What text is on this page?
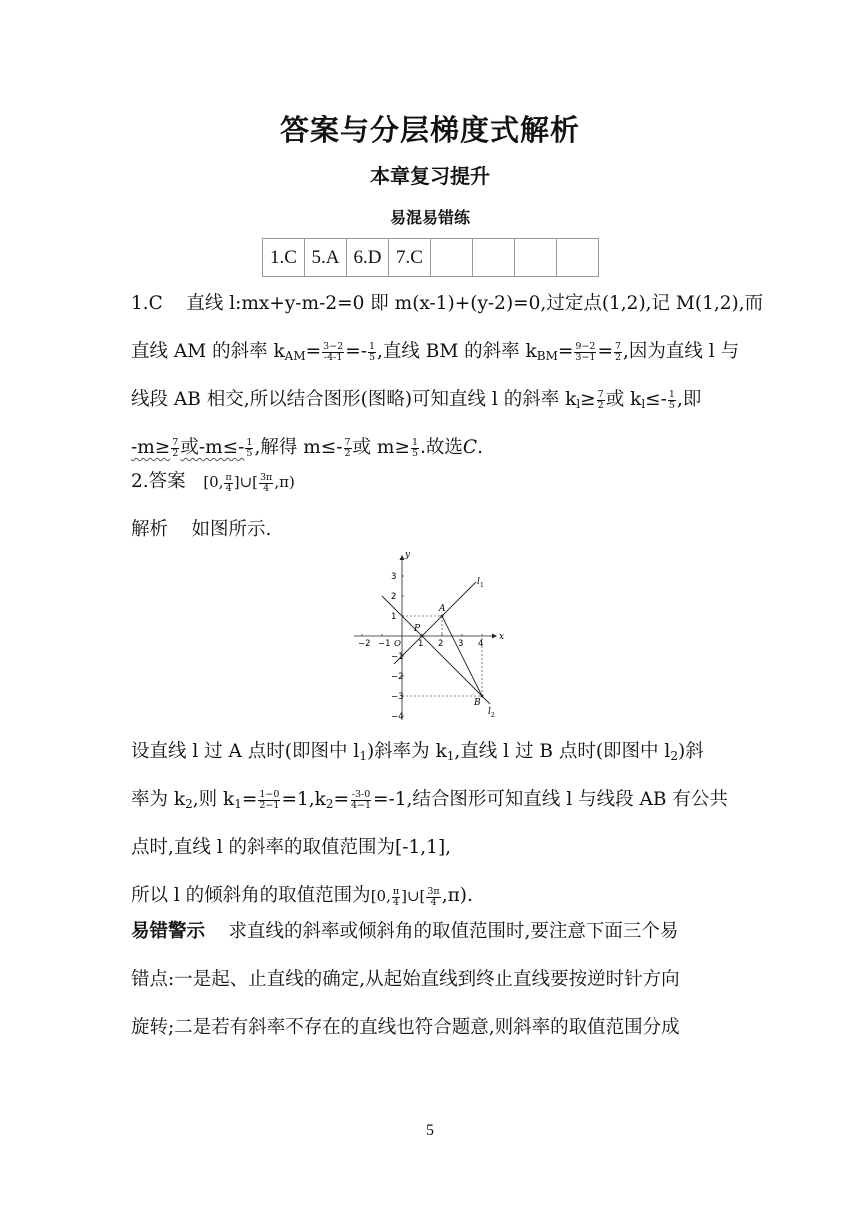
答案与分层梯度式解析
本章复习提升
易混易错练
1.C	5.A	6.D	7.C				
1.C 直线 l:mx+y-m-2=0 即 m(x-1)+(y-2)=0,过定点(1,2),记 M(1,2),而
直线 AM 的斜率 $k_{AM}= \frac{3-2}{-4-1} =- \frac{1}{5}$ ,直线 BM 的斜率 $k_{BM}= \frac{9-2}{3-1} = \frac{7}{2}$ ,因为直线 l 与
线段 AB 相交,所以结合图形(图略)可知直线 l 的斜率 $k_l\ge \frac{7}{2}$ 或 $k_l\le- \frac{1}{5}$ ,即
$-m\ge \frac{7}{2}$ 或$-m\le- \frac{1}{5}$ ,解得 $m\le- \frac{7}{2}$ 或 $m\ge \frac{1}{5}$ .故选C.
2.答案 [0, $\frac{\pi}{4}$ ]∪[ $\frac{3\pi}{4} ,\pi$)
解析 如图所示.
x
y
−2 −1	1 2 3 4
3
2
1
−1
−2
−3
−4
O
A
B
P
l 1
l 2
设直线 l 过 A 点时(即图中 $l_1$)斜率为 $k_1$,直线 l 过 B 点时(即图中 $l_2$)斜
率为 $k_2$,则 $k_1= \frac{1-0}{2-1} =1,k_2= \frac{-3-0}{4-1} =-1$,结合图形可知直线 l 与线段 AB 有公共
点时,直线 l 的斜率的取值范围为[-1,1],
所以 l 的倾斜角的取值范围为[0, $\frac{\pi}{4}$ ]∪[ $\frac{3\pi}{4} ,\pi$).
易错警示 求直线的斜率或倾斜角的取值范围时,要注意下面三个易
错点:一是起、止直线的确定,从起始直线到终止直线要按逆时针方向
旋转;二是若有斜率不存在的直线也符合题意,则斜率的取值范围分成
5
